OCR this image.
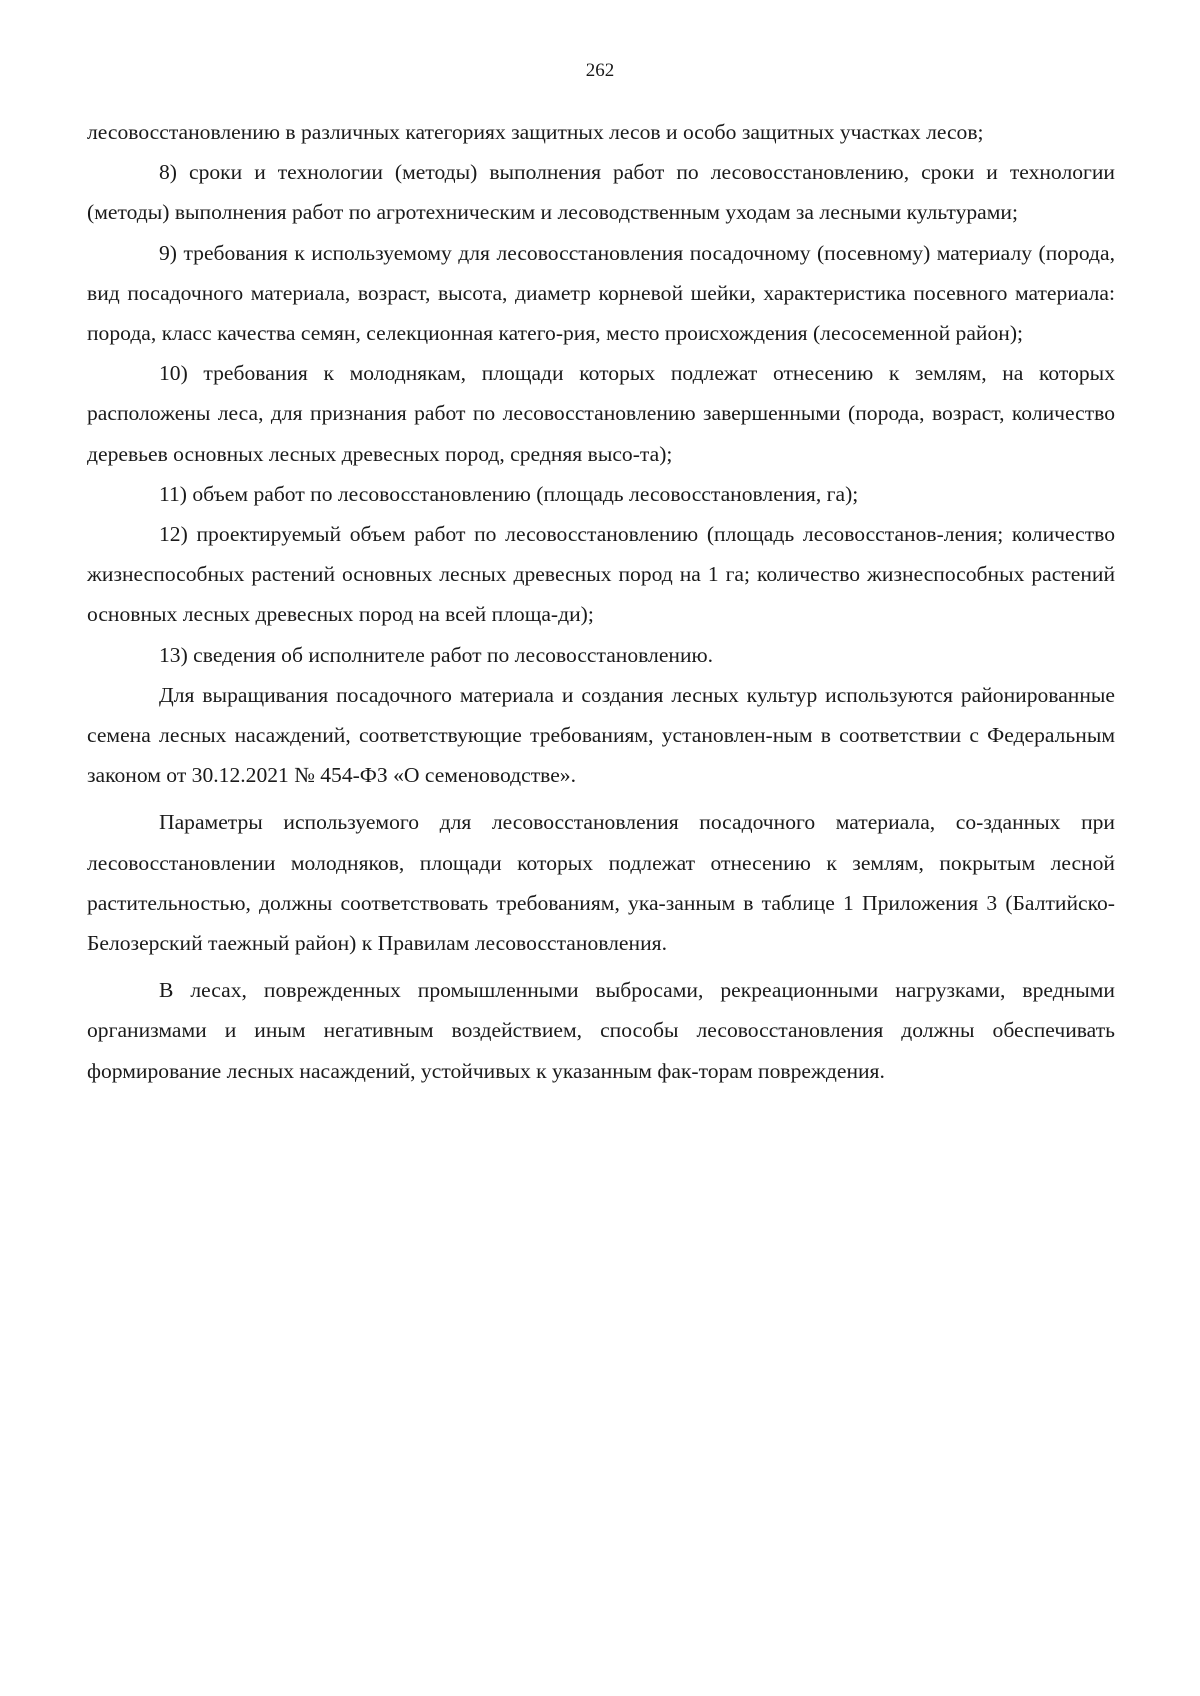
262

лесовосстановлению в различных категориях защитных лесов и особо защитных участках лесов;

8) сроки и технологии (методы) выполнения работ по лесовосстановлению, сроки и технологии (методы) выполнения работ по агротехническим и лесоводственным уходам за лесными культурами;

9) требования к используемому для лесовосстановления посадочному (посевному) материалу (порода, вид посадочного материала, возраст, высота, диаметр корневой шейки, характеристика посевного материала: порода, класс качества семян, селекционная катего-рия, место происхождения (лесосеменной район);

10) требования к молоднякам, площади которых подлежат отнесению к землям, на которых расположены леса, для признания работ по лесовосстановлению завершенными (порода, возраст, количество деревьев основных лесных древесных пород, средняя высо-та);

11) объем работ по лесовосстановлению (площадь лесовосстановления, га);

12) проектируемый объем работ по лесовосстановлению (площадь лесовосстанов-ления; количество жизнеспособных растений основных лесных древесных пород на 1 га; количество жизнеспособных растений основных лесных древесных пород на всей площа-ди);

13) сведения об исполнителе работ по лесовосстановлению.

Для выращивания посадочного материала и создания лесных культур используются районированные семена лесных насаждений, соответствующие требованиям, установлен-ным в соответствии с Федеральным законом от 30.12.2021 № 454-ФЗ «О семеноводстве».

Параметры используемого для лесовосстановления посадочного материала, со-зданных при лесовосстановлении молодняков, площади которых подлежат отнесению к землям, покрытым лесной растительностью, должны соответствовать требованиям, ука-занным в таблице 1 Приложения 3 (Балтийско-Белозерский таежный район) к Правилам лесовосстановления.

В лесах, поврежденных промышленными выбросами, рекреационными нагрузками, вредными организмами и иным негативным воздействием, способы лесовосстановления должны обеспечивать формирование лесных насаждений, устойчивых к указанным фак-торам повреждения.
